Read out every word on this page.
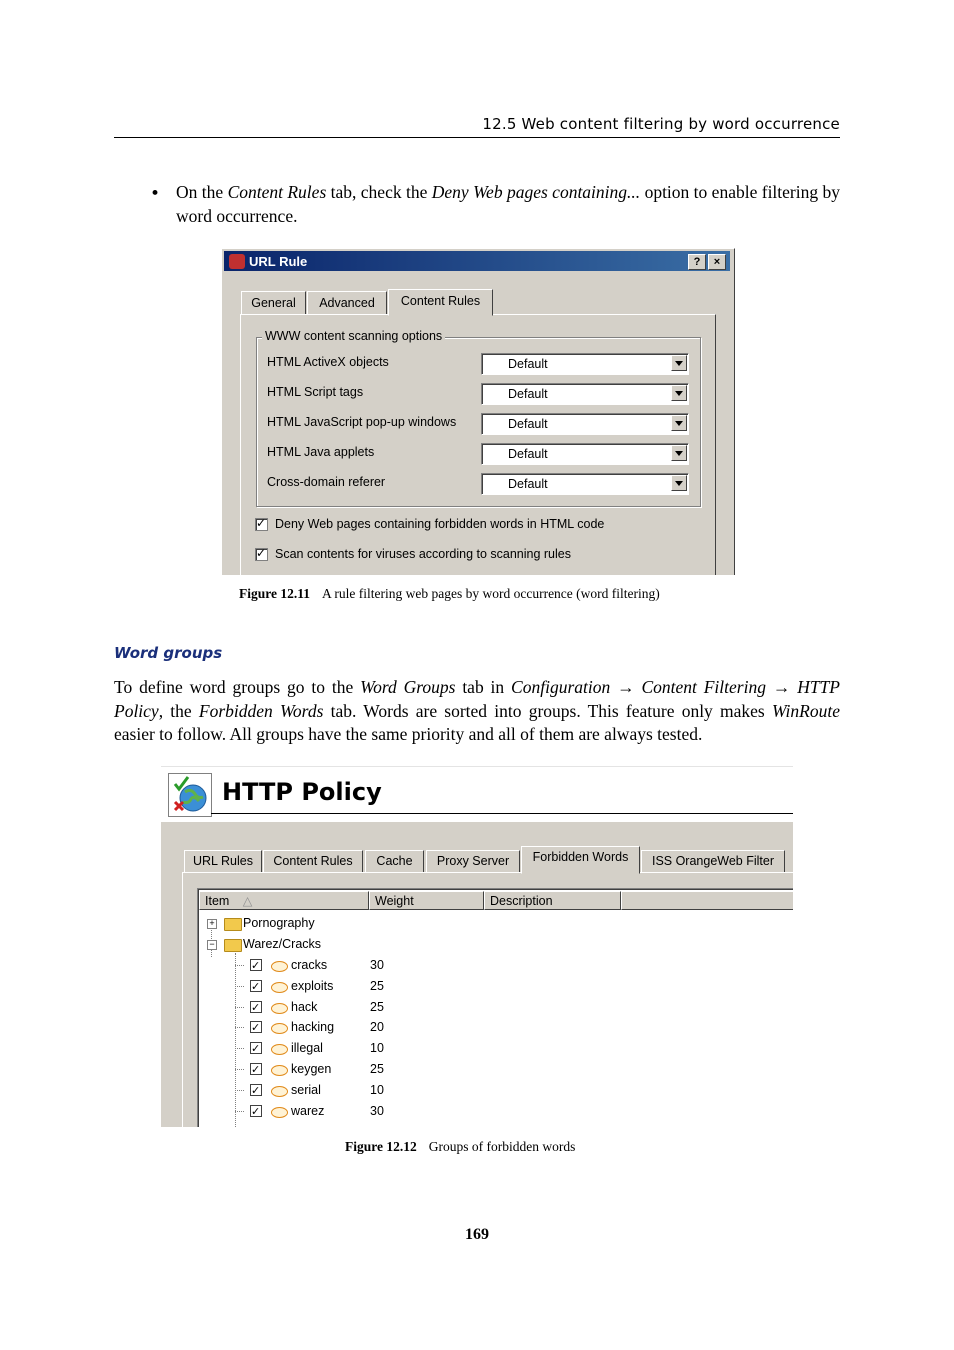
12.5 Web content filtering by word occurrence
• On the Content Rules tab, check the Deny Web pages containing... option to enable filtering by word occurrence.
URL Rule	?	×
General	Advanced	Content Rules
WWW content scanning options
HTML ActiveX objects	Default
HTML Script tags	Default
HTML JavaScript pop-up windows	Default
HTML Java applets	Default
Cross-domain referer	Default
✓
Deny Web pages containing forbidden words in HTML code
✓
Scan contents for viruses according to scanning rules
Figure 12.11 A rule filtering web pages by word occurrence (word filtering)
Word groups
To define word groups go to the Word Groups tab in Configuration → Content Filtering → HTTP Policy, the Forbidden Words tab. Words are sorted into groups. This feature only makes WinRoute easier to follow. All groups have the same priority and all of them are always tested.
HTTP Policy
URL Rules	Content Rules	Cache	Proxy Server	Forbidden Words	ISS OrangeWeb Filter
Item △	Weight	Description
+ Pornography
− Warez/Cracks
✓
cracks	30
✓
exploits	25
✓
hack	25
✓
hacking	20
✓
illegal	10
✓
keygen	25
✓
serial	10
✓
warez	30
Figure 12.12 Groups of forbidden words
169
